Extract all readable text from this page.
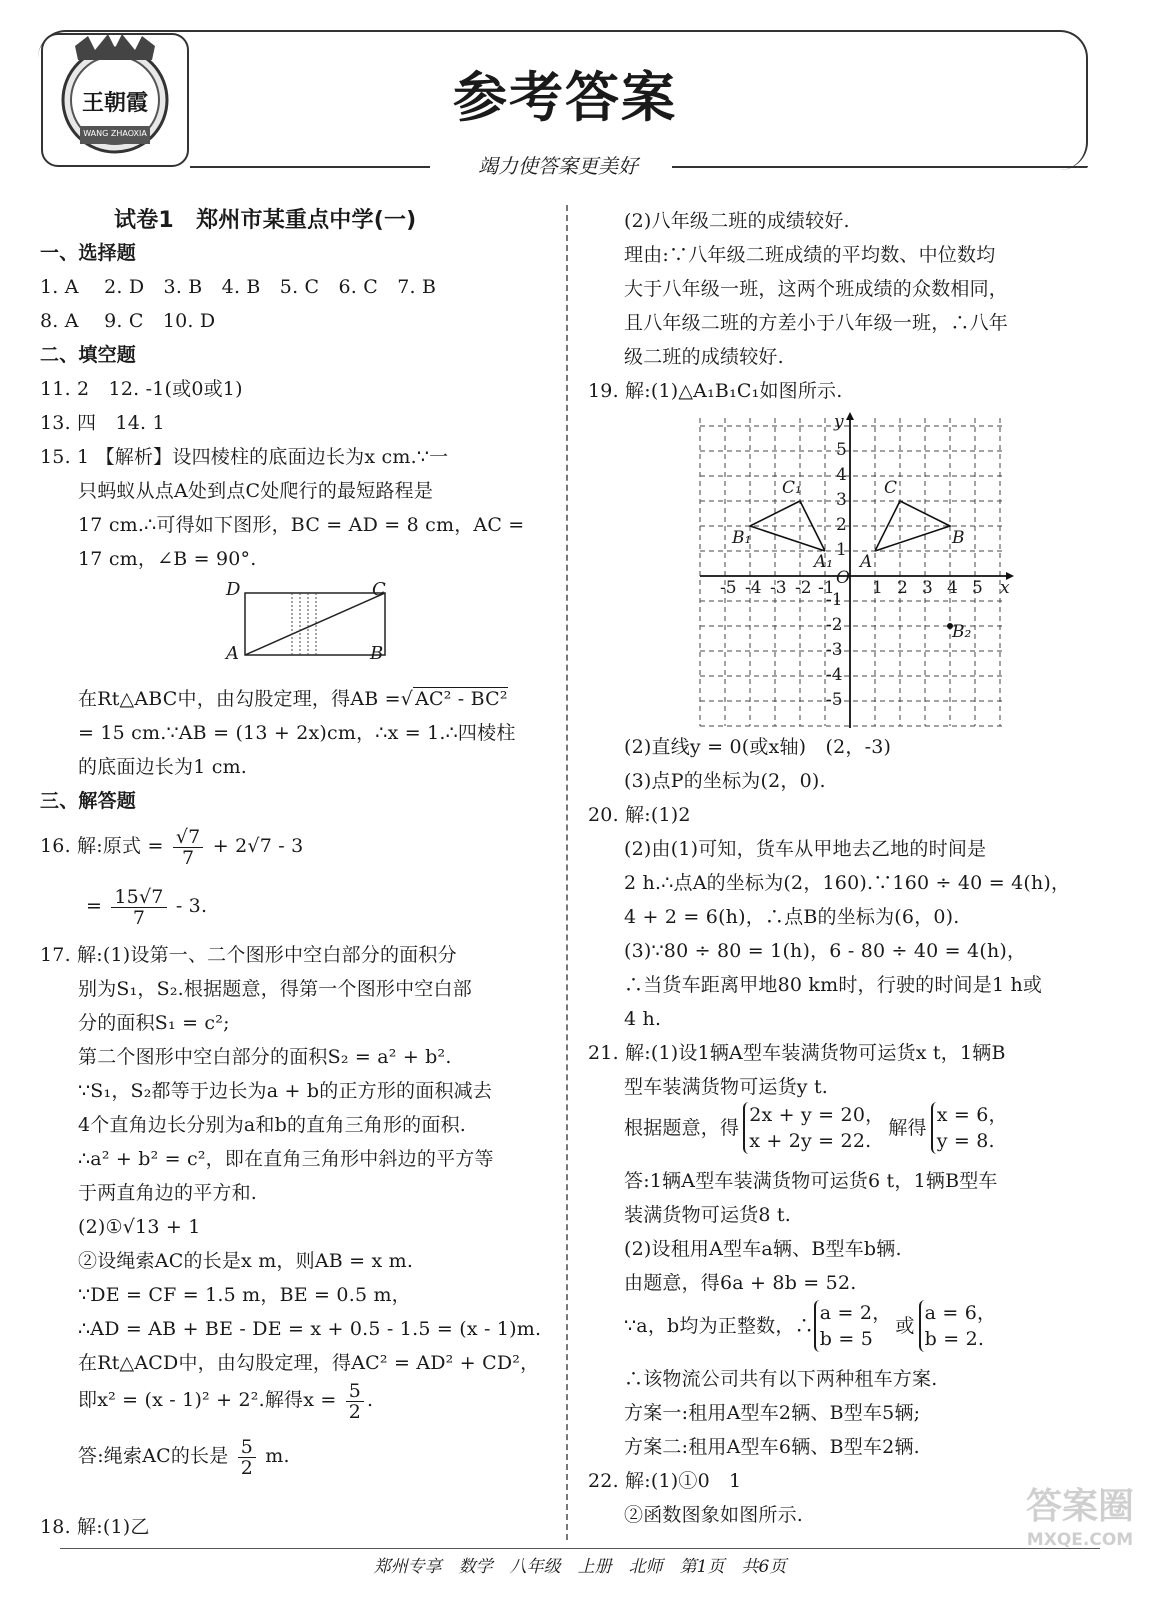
王朝霞
WANG ZHAOXIA
参考答案
竭力使答案更美好
试卷1　郑州市某重点中学(一)
一、选择题
1. A　 2. D　3. B　4. B　5. C　6. C　7. B
8. A　 9. C　10. D
二、填空题
11. 2　12. -1(或0或1)
13. 四　14. 1
15. 1 【解析】设四棱柱的底面边长为x cm.∵一
只蚂蚁从点A处到点C处爬行的最短路程是
17 cm.∴可得如下图形，BC = AD = 8 cm，AC =
17 cm，∠B = 90°.
D	C
A	B
在Rt△ABC中，由勾股定理，得AB =√ AC² - BC²
= 15 cm.∵AB = (13 + 2x)cm，∴x = 1.∴四棱柱
的底面边长为1 cm.
三、解答题
16. 解:原式 = $\frac{√7}{7} + 2√7 - 3$
= $\frac{15√7}{7} - 3$.
17. 解:(1)设第一、二个图形中空白部分的面积分
别为S₁，S₂.根据题意，得第一个图形中空白部
分的面积S₁ = c²;
第二个图形中空白部分的面积S₂ = a² + b².
∵S₁，S₂都等于边长为a + b的正方形的面积减去
4个直角边长分别为a和b的直角三角形的面积.
∴a² + b² = c²，即在直角三角形中斜边的平方等
于两直角边的平方和.
(2)①√13 + 1
②设绳索AC的长是x m，则AB = x m.
∵DE = CF = 1.5 m，BE = 0.5 m，
∴AD = AB + BE - DE = x + 0.5 - 1.5 = (x - 1)m.
在Rt△ACD中，由勾股定理，得AC² = AD² + CD²，
即x² = (x - 1)² + 2².解得$x = \frac{5}{2}$ .
答:绳索AC的长是 $\frac{5}{2} m$.
18. 解:(1)乙
(2)八年级二班的成绩较好.
理由:∵八年级二班成绩的平均数、中位数均
大于八年级一班，这两个班成绩的众数相同，
且八年级二班的方差小于八年级一班，∴八年
级二班的成绩较好.
19. 解:(1)△A₁B₁C₁如图所示.
-5 -4 -3 -2 -1 1 2 3 4 5
5
4
3
2
1
-1
-2
-3
-4
-5
x
y
O
A₁
B₁
C₁
A
B
C
B₂
(2)直线y = 0(或x轴)　(2，-3)
(3)点P的坐标为(2，0).
20. 解:(1)2
(2)由(1)可知，货车从甲地去乙地的时间是
2 h.∴点A的坐标为(2，160).∵160 ÷ 40 = 4(h)，
4 + 2 = 6(h)，∴点B的坐标为(6，0).
(3)∵80 ÷ 80 = 1(h)，6 - 80 ÷ 40 = 4(h)，
∴当货车距离甲地80 km时，行驶的时间是1 h或
4 h.
21. 解:(1)设1辆A型车装满货物可运货x t，1辆B
型车装满货物可运货y t.
根据题意，得
2x + y = 20，
x + 2y = 22.
解得
x = 6，
y = 8.
答:1辆A型车装满货物可运货6 t，1辆B型车
装满货物可运货8 t.
(2)设租用A型车a辆、B型车b辆.
由题意，得6a + 8b = 52.
∵a，b均为正整数，∴
a = 2，
b = 5
或
a = 6，
b = 2.
∴该物流公司共有以下两种租车方案.
方案一:租用A型车2辆、B型车5辆;
方案二:租用A型车6辆、B型车2辆.
22. 解:(1)①0　1
②函数图象如图所示.
郑州专享　数学　八年级　上册　北师　第1页　共6页
答案圈
MXQE.COM
